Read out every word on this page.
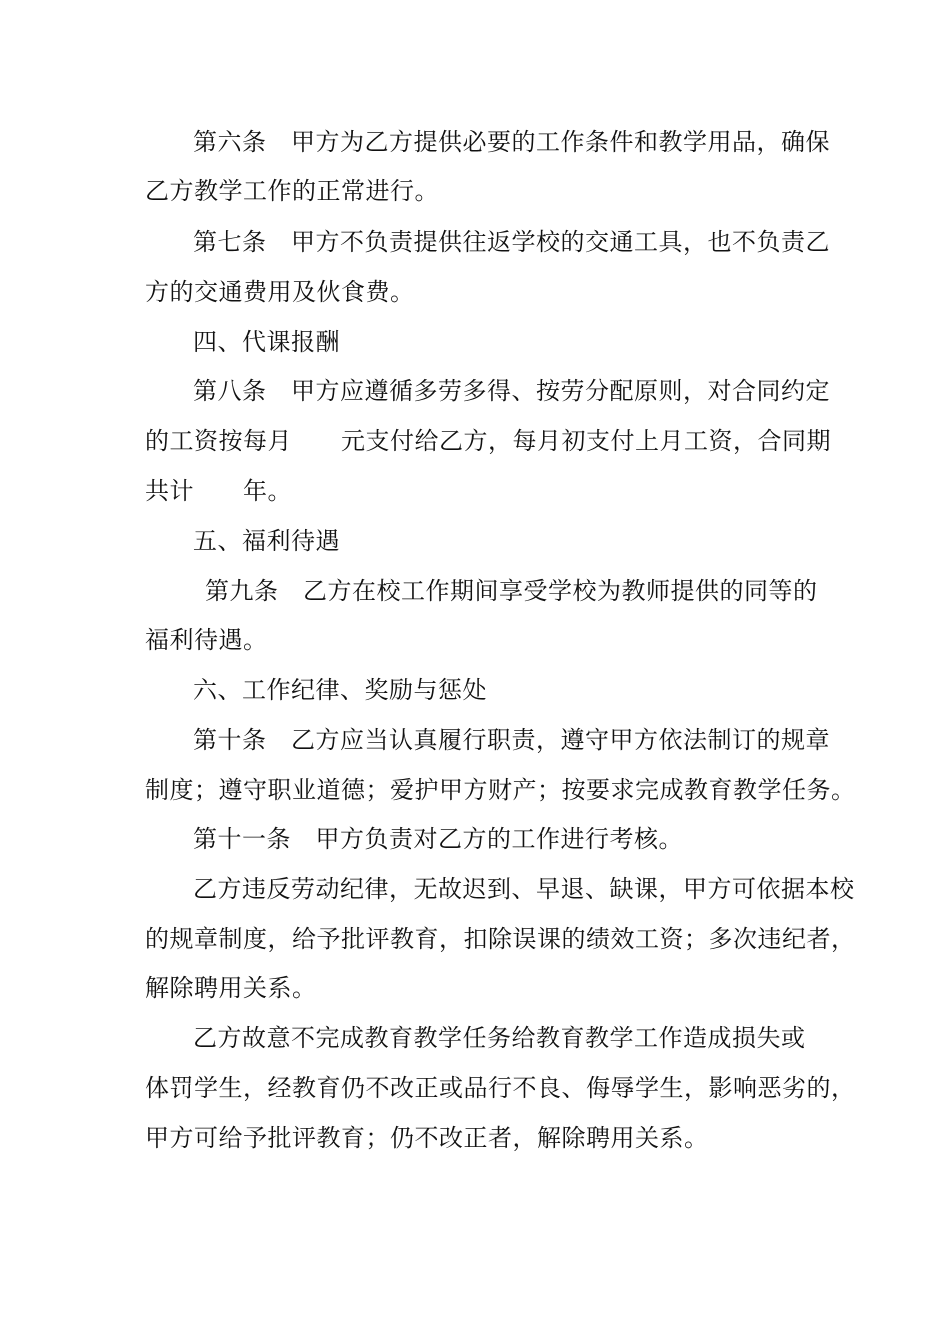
第六条　甲方为乙方提供必要的工作条件和教学用品，确保
乙方教学工作的正常进行。
第七条　甲方不负责提供往返学校的交通工具，也不负责乙
方的交通费用及伙食费。
四、代课报酬
第八条　甲方应遵循多劳多得、按劳分配原则，对合同约定
的工资按每月　　元支付给乙方，每月初支付上月工资，合同期
共计　　年。
五、福利待遇
第九条　乙方在校工作期间享受学校为教师提供的同等的
福利待遇。
六、工作纪律、奖励与惩处
第十条　乙方应当认真履行职责，遵守甲方依法制订的规章
制度；遵守职业道德；爱护甲方财产；按要求完成教育教学任务。
第十一条　甲方负责对乙方的工作进行考核。
乙方违反劳动纪律，无故迟到、早退、缺课，甲方可依据本校
的规章制度，给予批评教育，扣除误课的绩效工资；多次违纪者，
解除聘用关系。
乙方故意不完成教育教学任务给教育教学工作造成损失或
体罚学生，经教育仍不改正或品行不良、侮辱学生，影响恶劣的，
甲方可给予批评教育；仍不改正者，解除聘用关系。
